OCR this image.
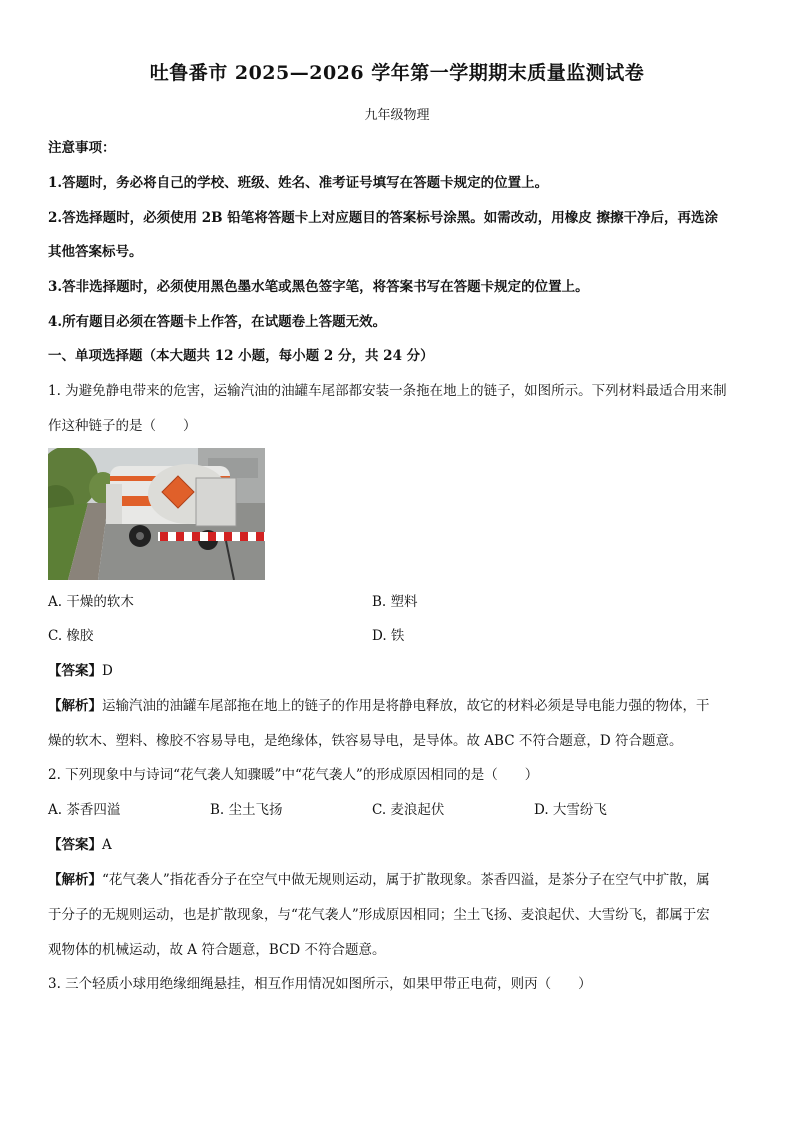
吐鲁番市 2025—2026 学年第一学期期末质量监测试卷
九年级物理
注意事项：
1.答题时，务必将自己的学校、班级、姓名、准考证号填写在答题卡规定的位置上。
2.答选择题时，必须使用 2B 铅笔将答题卡上对应题目的答案标号涂黑。如需改动，用橡皮 擦擦干净后，再选涂
其他答案标号。
3.答非选择题时，必须使用黑色墨水笔或黑色签字笔，将答案书写在答题卡规定的位置上。
4.所有题目必须在答题卡上作答，在试题卷上答题无效。
一、单项选择题（本大题共 12 小题，每小题 2 分，共 24 分）
1. 为避免静电带来的危害，运输汽油的油罐车尾部都安装一条拖在地上的链子，如图所示。下列材料最适合用来制
作这种链子的是（　　）
A. 干燥的软木	B. 塑料
C. 橡胶	D. 铁
【答案】D
【解析】运输汽油的油罐车尾部拖在地上的链子的作用是将静电释放，故它的材料必须是导电能力强的物体，干
燥的软木、塑料、橡胶不容易导电，是绝缘体，铁容易导电，是导体。故 ABC 不符合题意，D 符合题意。
2. 下列现象中与诗词“花气袭人知骤暖”中“花气袭人”的形成原因相同的是（　　）
A. 茶香四溢	B. 尘土飞扬	C. 麦浪起伏	D. 大雪纷飞
【答案】A
【解析】“花气袭人”指花香分子在空气中做无规则运动，属于扩散现象。茶香四溢，是茶分子在空气中扩散，属
于分子的无规则运动，也是扩散现象，与“花气袭人”形成原因相同；尘土飞扬、麦浪起伏、大雪纷飞，都属于宏
观物体的机械运动，故 A 符合题意，BCD 不符合题意。
3. 三个轻质小球用绝缘细绳悬挂，相互作用情况如图所示，如果甲带正电荷，则丙（　　）
